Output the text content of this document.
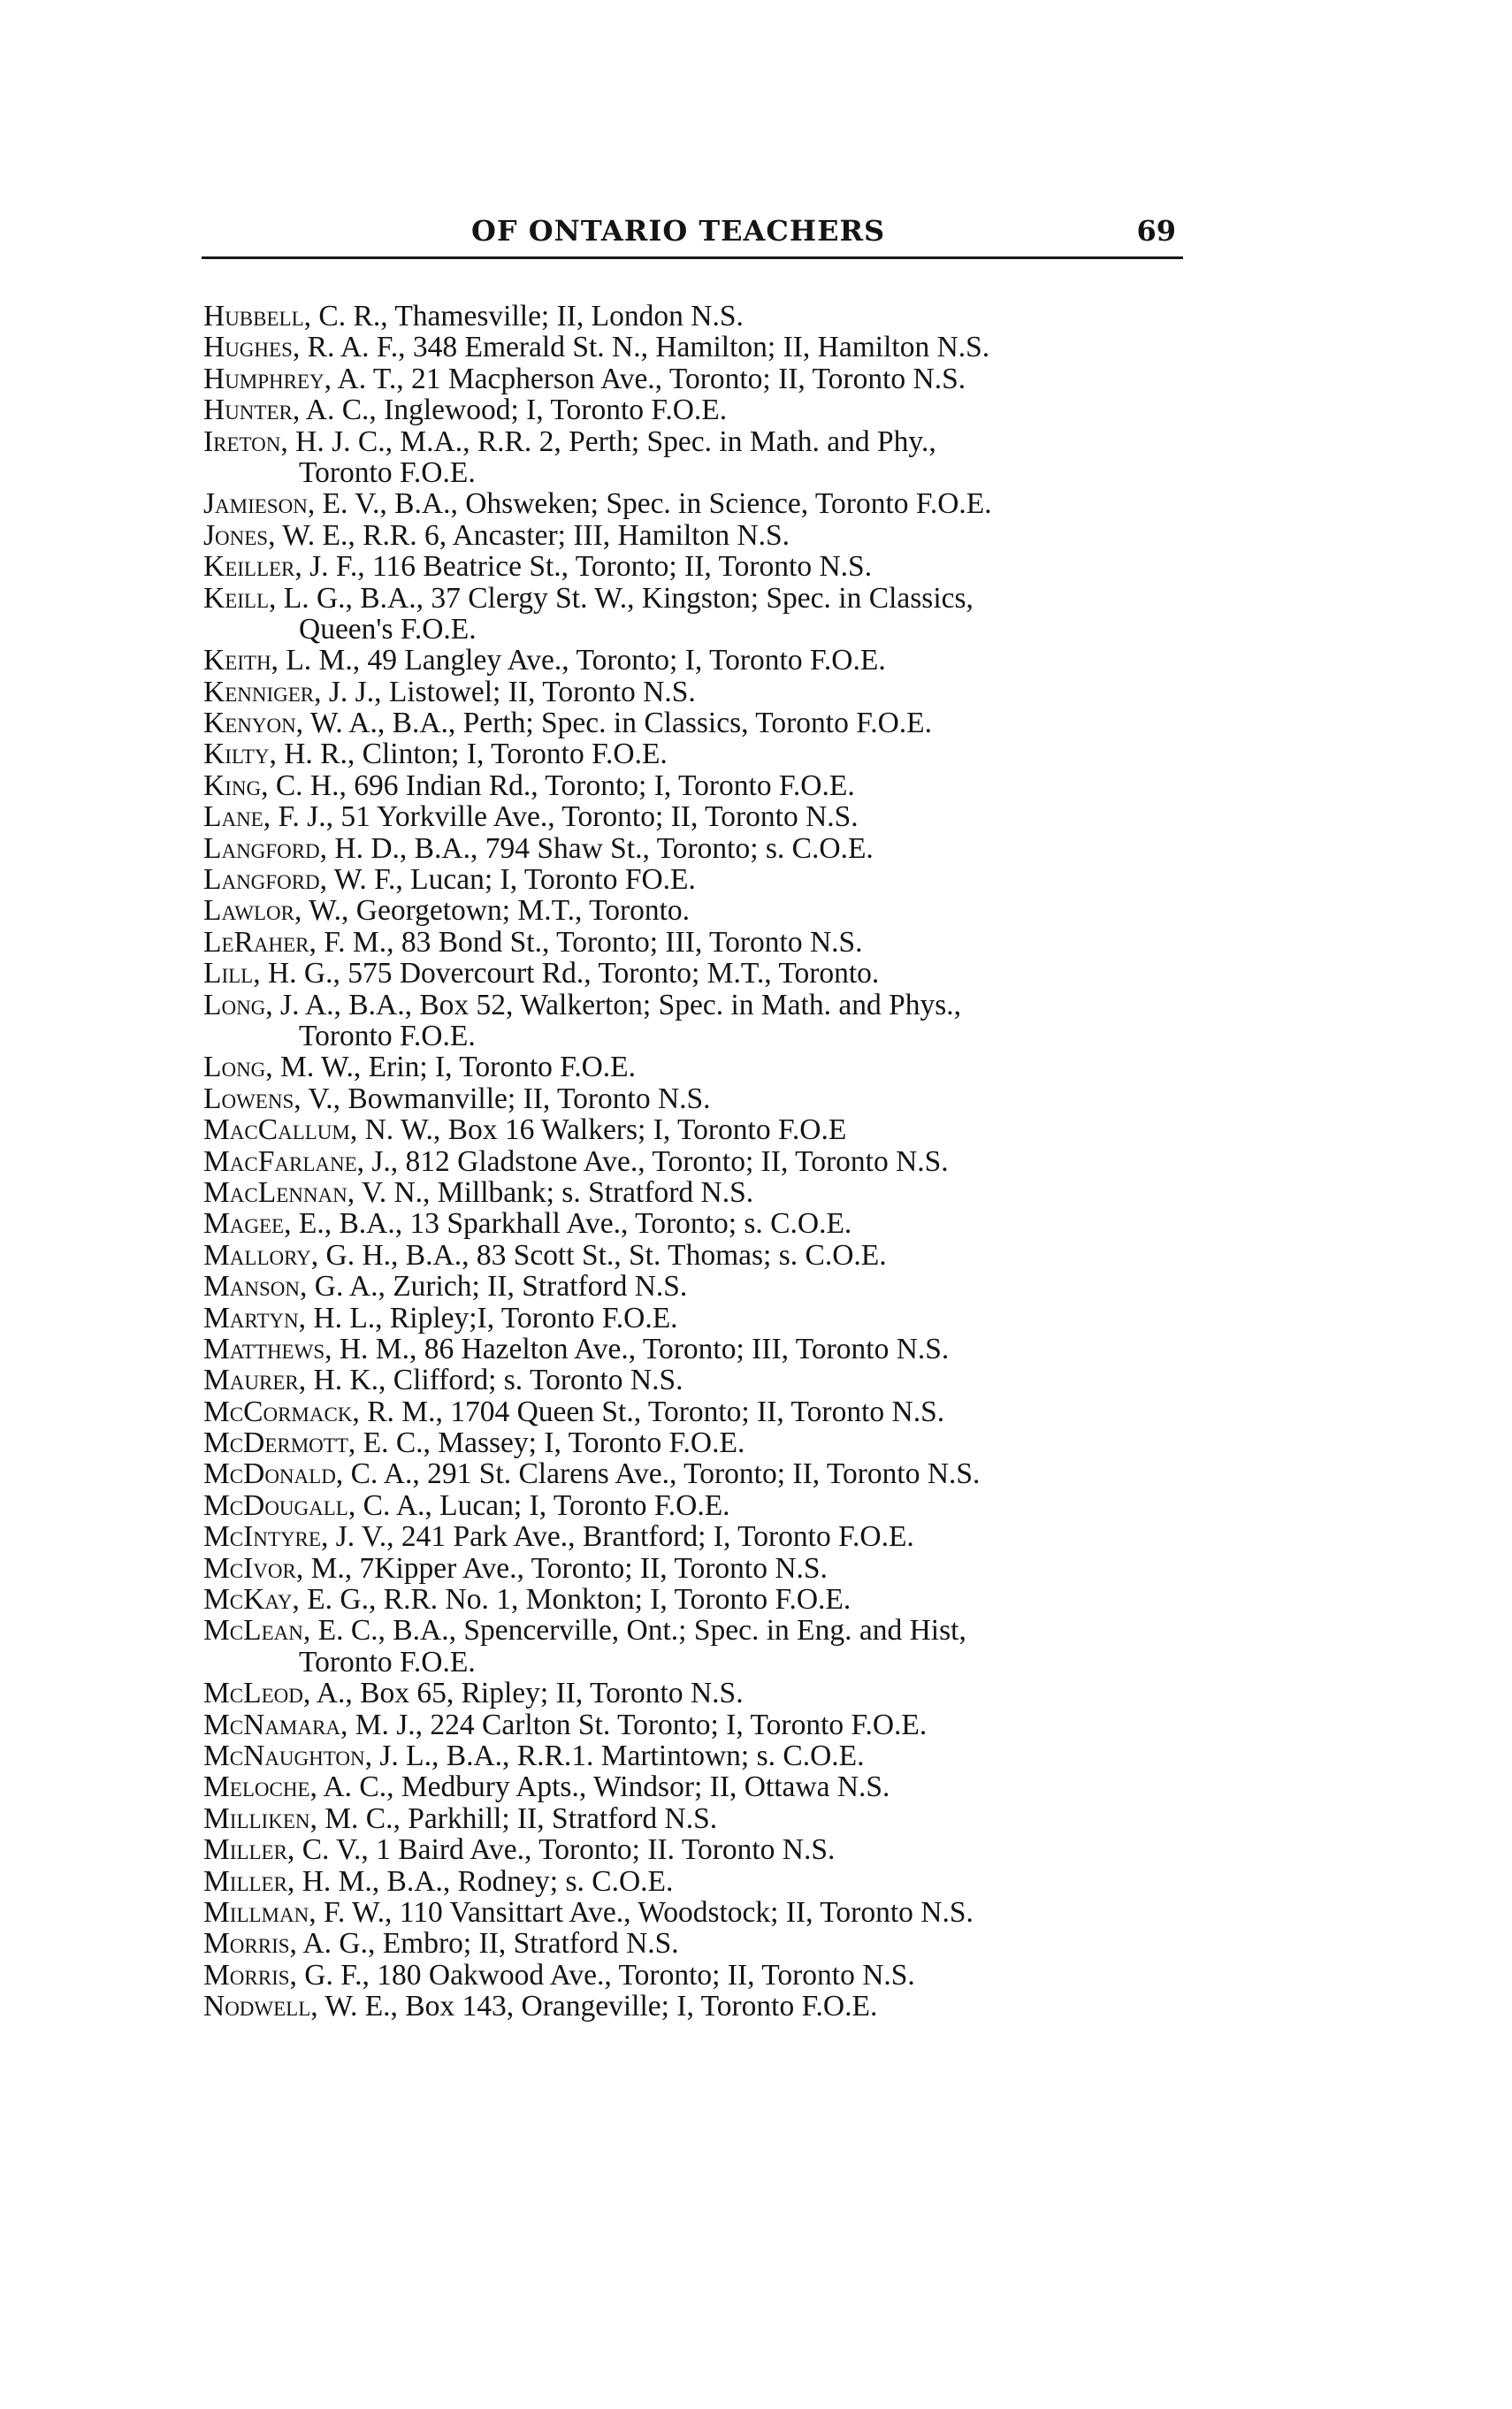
OF ONTARIO TEACHERS	69
Hubbell, C. R., Thamesville; II, London N.S.
Hughes, R. A. F., 348 Emerald St. N., Hamilton; II, Hamilton N.S.
Humphrey, A. T., 21 Macpherson Ave., Toronto; II, Toronto N.S.
Hunter, A. C., Inglewood; I, Toronto F.O.E.
Ireton, H. J. C., M.A., R.R. 2, Perth; Spec. in Math. and Phy.,
Toronto F.O.E.
Jamieson, E. V., B.A., Ohsweken; Spec. in Science, Toronto F.O.E.
Jones, W. E., R.R. 6, Ancaster; III, Hamilton N.S.
Keiller, J. F., 116 Beatrice St., Toronto; II, Toronto N.S.
Keill, L. G., B.A., 37 Clergy St. W., Kingston; Spec. in Classics,
Queen's F.O.E.
Keith, L. M., 49 Langley Ave., Toronto; I, Toronto F.O.E.
Kenniger, J. J., Listowel; II, Toronto N.S.
Kenyon, W. A., B.A., Perth; Spec. in Classics, Toronto F.O.E.
Kilty, H. R., Clinton; I, Toronto F.O.E.
King, C. H., 696 Indian Rd., Toronto; I, Toronto F.O.E.
Lane, F. J., 51 Yorkville Ave., Toronto; II, Toronto N.S.
Langford, H. D., B.A., 794 Shaw St., Toronto; s. C.O.E.
Langford, W. F., Lucan; I, Toronto FO.E.
Lawlor, W., Georgetown; M.T., Toronto.
LeRaher, F. M., 83 Bond St., Toronto; III, Toronto N.S.
Lill, H. G., 575 Dovercourt Rd., Toronto; M.T., Toronto.
Long, J. A., B.A., Box 52, Walkerton; Spec. in Math. and Phys.,
Toronto F.O.E.
Long, M. W., Erin; I, Toronto F.O.E.
Lowens, V., Bowmanville; II, Toronto N.S.
MacCallum, N. W., Box 16 Walkers; I, Toronto F.O.E
MacFarlane, J., 812 Gladstone Ave., Toronto; II, Toronto N.S.
MacLennan, V. N., Millbank; s. Stratford N.S.
Magee, E., B.A., 13 Sparkhall Ave., Toronto; s. C.O.E.
Mallory, G. H., B.A., 83 Scott St., St. Thomas; s. C.O.E.
Manson, G. A., Zurich; II, Stratford N.S.
Martyn, H. L., Ripley;I, Toronto F.O.E.
Matthews, H. M., 86 Hazelton Ave., Toronto; III, Toronto N.S.
Maurer, H. K., Clifford; s. Toronto N.S.
McCormack, R. M., 1704 Queen St., Toronto; II, Toronto N.S.
McDermott, E. C., Massey; I, Toronto F.O.E.
McDonald, C. A., 291 St. Clarens Ave., Toronto; II, Toronto N.S.
McDougall, C. A., Lucan; I, Toronto F.O.E.
McIntyre, J. V., 241 Park Ave., Brantford; I, Toronto F.O.E.
McIvor, M., 7Kipper Ave., Toronto; II, Toronto N.S.
McKay, E. G., R.R. No. 1, Monkton; I, Toronto F.O.E.
McLean, E. C., B.A., Spencerville, Ont.; Spec. in Eng. and Hist,
Toronto F.O.E.
McLeod, A., Box 65, Ripley; II, Toronto N.S.
McNamara, M. J., 224 Carlton St. Toronto; I, Toronto F.O.E.
McNaughton, J. L., B.A., R.R.1. Martintown; s. C.O.E.
Meloche, A. C., Medbury Apts., Windsor; II, Ottawa N.S.
Milliken, M. C., Parkhill; II, Stratford N.S.
Miller, C. V., 1 Baird Ave., Toronto; II. Toronto N.S.
Miller, H. M., B.A., Rodney; s. C.O.E.
Millman, F. W., 110 Vansittart Ave., Woodstock; II, Toronto N.S.
Morris, A. G., Embro; II, Stratford N.S.
Morris, G. F., 180 Oakwood Ave., Toronto; II, Toronto N.S.
Nodwell, W. E., Box 143, Orangeville; I, Toronto F.O.E.
